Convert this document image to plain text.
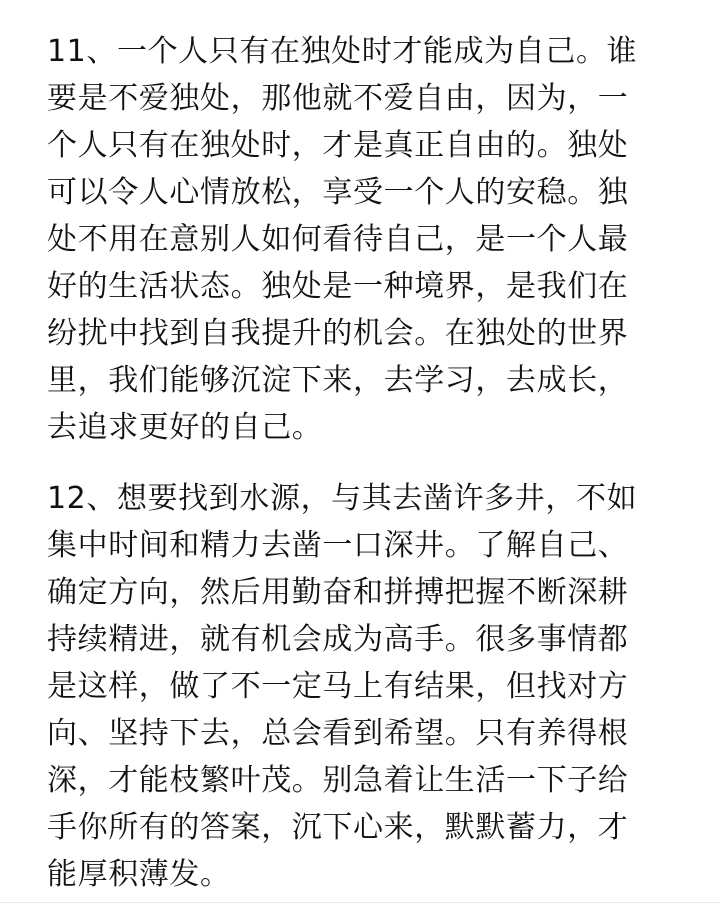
11、一个人只有在独处时才能成为自己。谁
要是不爱独处，那他就不爱自由，因为，一
个人只有在独处时，才是真正自由的。独处
可以令人心情放松，享受一个人的安稳。独
处不用在意别人如何看待自己，是一个人最
好的生活状态。独处是一种境界，是我们在
纷扰中找到自我提升的机会。在独处的世界
里，我们能够沉淀下来，去学习，去成长，
去追求更好的自己。
12、想要找到水源，与其去凿许多井，不如
集中时间和精力去凿一口深井。了解自己、
确定方向，然后用勤奋和拼搏把握不断深耕
持续精进，就有机会成为高手。很多事情都
是这样，做了不一定马上有结果，但找对方
向、坚持下去，总会看到希望。只有养得根
深，才能枝繁叶茂。别急着让生活一下子给
手你所有的答案，沉下心来，默默蓄力，才
能厚积薄发。
